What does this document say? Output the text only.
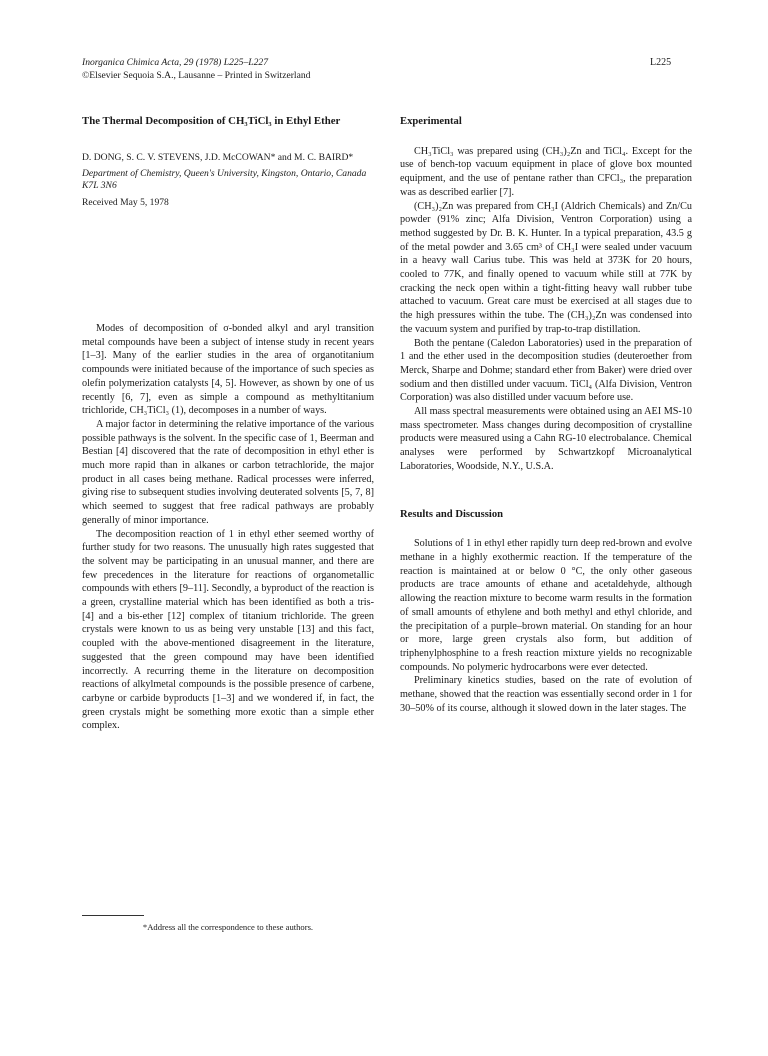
Inorganica Chimica Acta, 29 (1978) L225–L227
©Elsevier Sequoia S.A., Lausanne – Printed in Switzerland
L225
The Thermal Decomposition of CH₃TiCl₃ in Ethyl Ether

D. DONG, S. C. V. STEVENS, J.D. McCOWAN* and M. C. BAIRD*

Department of Chemistry, Queen's University, Kingston, Ontario, Canada K7L 3N6

Received May 5, 1978

Modes of decomposition of σ-bonded alkyl and aryl transition metal compounds have been a subject of intense study in recent years [1–3]. Many of the earlier studies in the area of organotitanium compounds were initiated because of the importance of such species as olefin polymerization catalysts [4, 5]. However, as shown by one of us recently [6, 7], even as simple a compound as methyltitanium trichloride, CH₃TiCl₃ (1), decomposes in a number of ways.

A major factor in determining the relative importance of the various possible pathways is the solvent. In the specific case of 1, Beerman and Bestian [4] discovered that the rate of decomposition in ethyl ether is much more rapid than in alkanes or carbon tetrachloride, the major product in all cases being methane. Radical processes were inferred, giving rise to subsequent studies involving deuterated solvents [5, 7, 8] which seemed to suggest that free radical pathways are probably generally of minor importance.

The decomposition reaction of 1 in ethyl ether seemed worthy of further study for two reasons. The unusually high rates suggested that the solvent may be participating in an unusual manner, and there are few precedences in the literature for reactions of organometallic compounds with ethers [9–11]. Secondly, a byproduct of the reaction is a green, crystalline material which has been identified as both a tris- [4] and a bis-ether [12] complex of titanium trichloride. The green crystals were known to us as being very unstable [13] and this fact, coupled with the above-mentioned disagreement in the literature, suggested that the green compound may have been identified incorrectly. A recurring theme in the literature on decomposition reactions of alkylmetal compounds is the possible presence of carbene, carbyne or carbide byproducts [1–3] and we wondered if, in fact, the green crystals might be something more exotic than a simple ether complex.

*Address all the correspondence to these authors.
Experimental

CH₃TiCl₃ was prepared using (CH₃)₂Zn and TiCl₄. Except for the use of bench-top vacuum equipment in place of glove box mounted equipment, and the use of pentane rather than CFCl₃, the preparation was as described earlier [7].

(CH₃)₂Zn was prepared from CH₃I (Aldrich Chemicals) and Zn/Cu powder (91% zinc; Alfa Division, Ventron Corporation) using a method suggested by Dr. B. K. Hunter. In a typical preparation, 43.5 g of the metal powder and 3.65 cm³ of CH₃I were sealed under vacuum in a heavy wall Carius tube. This was held at 373K for 20 hours, cooled to 77K, and finally opened to vacuum while still at 77K by cracking the neck open within a tight-fitting heavy wall rubber tube attached to vacuum. Great care must be exercised at all stages due to the high pressures within the tube. The (CH₃)₂Zn was condensed into the vacuum system and purified by trap-to-trap distillation.

Both the pentane (Caledon Laboratories) used in the preparation of 1 and the ether used in the decomposition studies (deuteroether from Merck, Sharpe and Dohme; standard ether from Baker) were dried over sodium and then distilled under vacuum. TiCl₄ (Alfa Division, Ventron Corporation) was also distilled under vacuum before use.

All mass spectral measurements were obtained using an AEI MS-10 mass spectrometer. Mass changes during decomposition of crystalline products were measured using a Cahn RG-10 electrobalance. Chemical analyses were performed by Schwartzkopf Microanalytical Laboratories, Woodside, N.Y., U.S.A.

Results and Discussion

Solutions of 1 in ethyl ether rapidly turn deep red-brown and evolve methane in a highly exothermic reaction. If the temperature of the reaction is maintained at or below 0 °C, the only other gaseous products are trace amounts of ethane and acetaldehyde, although allowing the reaction mixture to become warm results in the formation of small amounts of ethylene and both methyl and ethyl chloride, and the precipitation of a purple–brown material. On standing for an hour or more, large green crystals also form, but addition of triphenylphosphine to a fresh reaction mixture yields no recognizable compounds. No polymeric hydrocarbons were ever detected.

Preliminary kinetics studies, based on the rate of evolution of methane, showed that the reaction was essentially second order in 1 for 30–50% of its course, although it slowed down in the later stages. The
